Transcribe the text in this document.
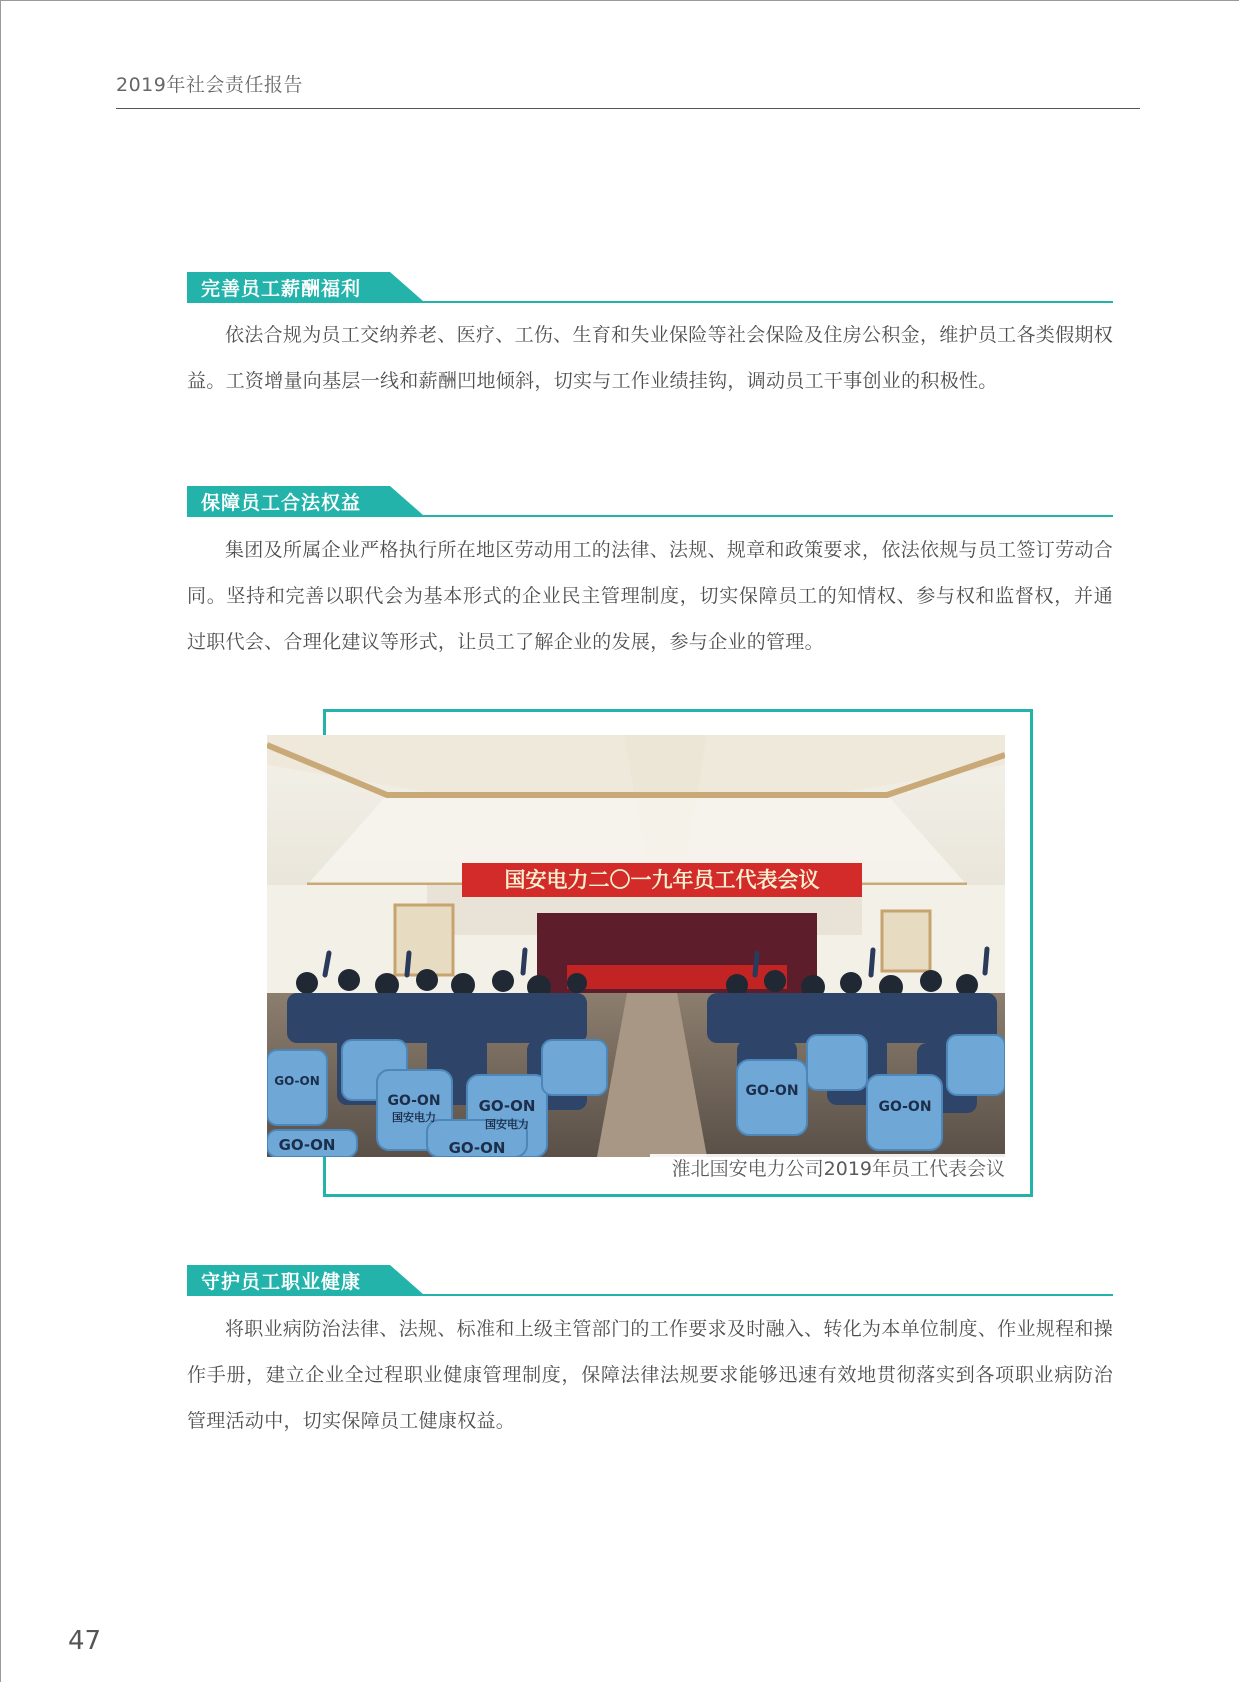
2019年社会责任报告
完善员工薪酬福利

依法合规为员工交纳养老、医疗、工伤、生育和失业保险等社会保险及住房公积金，维护员工各类假期权益。工资增量向基层一线和薪酬凹地倾斜，切实与工作业绩挂钩，调动员工干事创业的积极性。

保障员工合法权益

集团及所属企业严格执行所在地区劳动用工的法律、法规、规章和政策要求，依法依规与员工签订劳动合同。坚持和完善以职代会为基本形式的企业民主管理制度，切实保障员工的知情权、参与权和监督权，并通过职代会、合理化建议等形式，让员工了解企业的发展，参与企业的管理。

国安电力二〇一九年员工代表会议
GO-ON
GO-ON	GO-ON
GO-ON
GO-ON
GO-ON
GO-ON
国安电力
国安电力
淮北国安电力公司2019年员工代表会议
守护员工职业健康

将职业病防治法律、法规、标准和上级主管部门的工作要求及时融入、转化为本单位制度、作业规程和操作手册，建立企业全过程职业健康管理制度，保障法律法规要求能够迅速有效地贯彻落实到各项职业病防治管理活动中，切实保障员工健康权益。

47
